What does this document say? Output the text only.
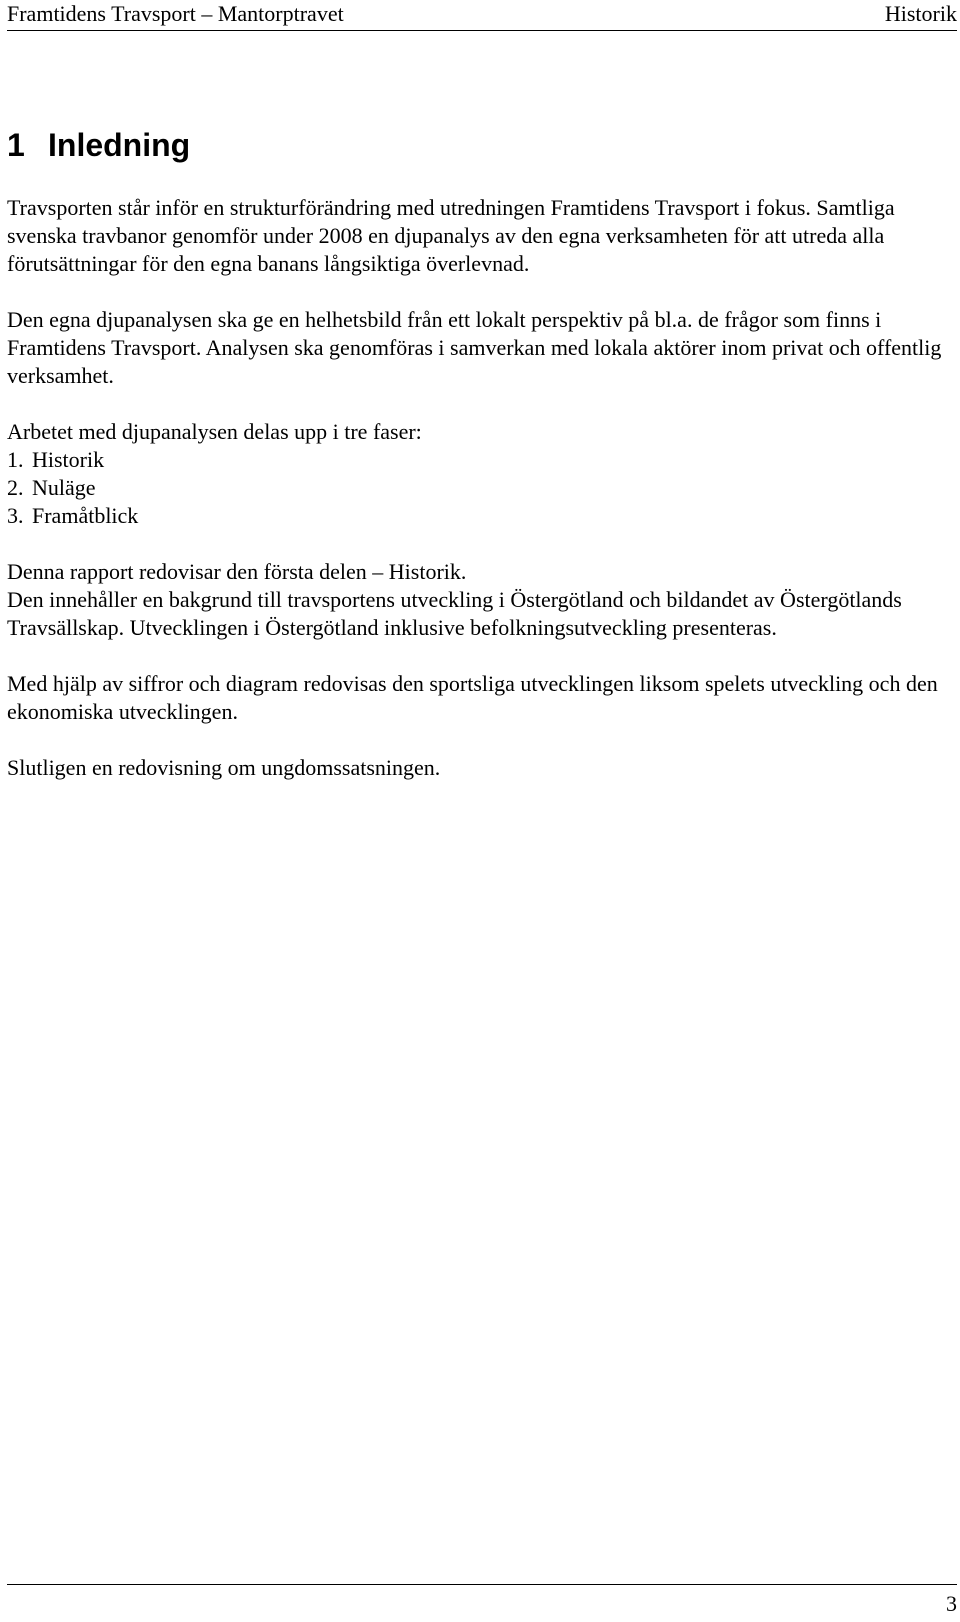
Framtidens Travsport – Mantorptravet	Historik
1 Inledning

Travsporten står inför en strukturförändring med utredningen Framtidens Travsport i fokus. Samtliga svenska travbanor genomför under 2008 en djupanalys av den egna verksamheten för att utreda alla förutsättningar för den egna banans långsiktiga överlevnad.

Den egna djupanalysen ska ge en helhetsbild från ett lokalt perspektiv på bl.a. de frågor som finns i Framtidens Travsport. Analysen ska genomföras i samverkan med lokala aktörer inom privat och offentlig verksamhet.

Arbetet med djupanalysen delas upp i tre faser:

1. Historik
2. Nuläge
3. Framåtblick

Denna rapport redovisar den första delen – Historik.

Den innehåller en bakgrund till travsportens utveckling i Östergötland och bildandet av Östergötlands Travsällskap. Utvecklingen i Östergötland inklusive befolkningsutveckling presenteras.

Med hjälp av siffror och diagram redovisas den sportsliga utvecklingen liksom spelets utveckling och den ekonomiska utvecklingen.

Slutligen en redovisning om ungdomssatsningen.

3
